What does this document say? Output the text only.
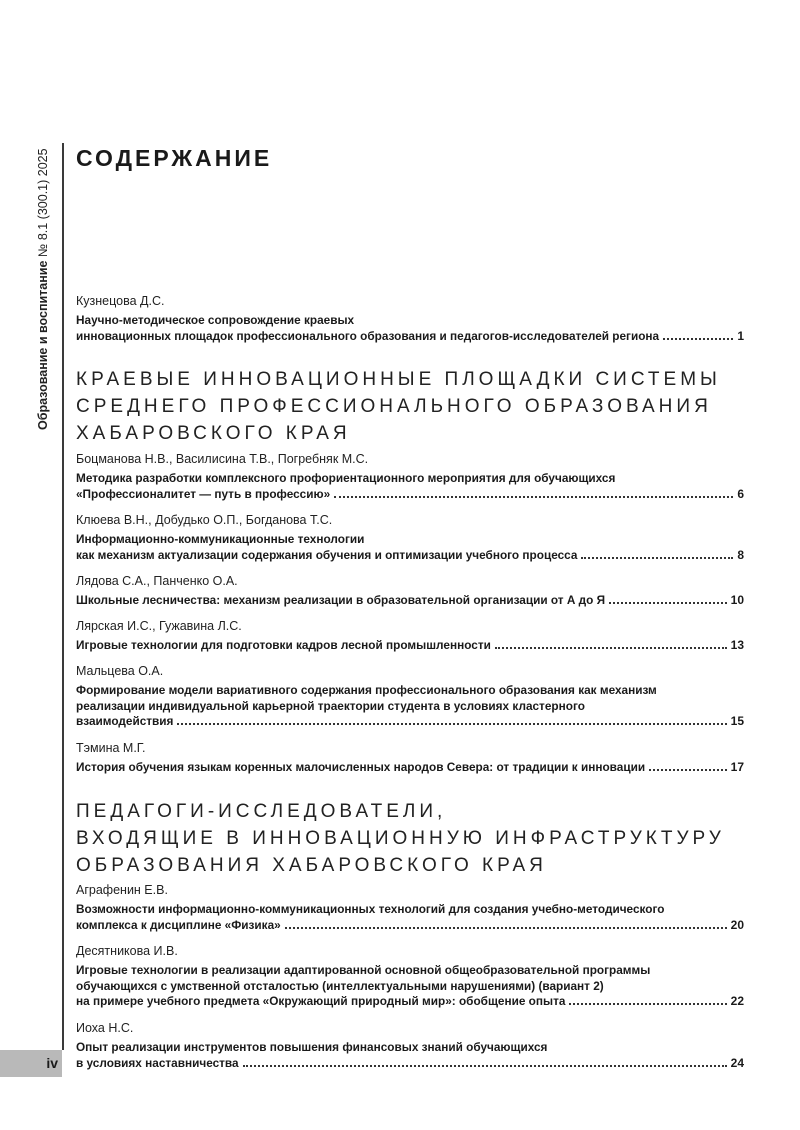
Образование и воспитание № 8.1 (300.1) 2025
iv
СОДЕРЖАНИЕ
Кузнецова Д.С.
Научно-методическое сопровождение краевых
инновационных площадок профессионального образования и педагогов-исследователей региона	1
КРАЕВЫЕ ИННОВАЦИОННЫЕ ПЛОЩАДКИ СИСТЕМЫ
СРЕДНЕГО ПРОФЕССИОНАЛЬНОГО ОБРАЗОВАНИЯ
ХАБАРОВСКОГО КРАЯ
Боцманова Н.В., Василисина Т.В., Погребняк М.С.
Методика разработки комплексного профориентационного мероприятия для обучающихся
«Профессионалитет — путь в профессию»	6
Клюева В.Н., Добудько О.П., Богданова Т.С.
Информационно-коммуникационные технологии
как механизм актуализации содержания обучения и оптимизации учебного процесса	8
Лядова С.А., Панченко О.А.
Школьные лесничества: механизм реализации в образовательной организации от А до Я	10
Лярская И.С., Гужавина Л.С.
Игровые технологии для подготовки кадров лесной промышленности	13
Мальцева О.А.
Формирование модели вариативного содержания профессионального образования как механизм
реализации индивидуальной карьерной траектории студента в условиях кластерного
взаимодействия	15
Тэмина М.Г.
История обучения языкам коренных малочисленных народов Севера: от традиции к инновации	17
ПЕДАГОГИ-ИССЛЕДОВАТЕЛИ,
ВХОДЯЩИЕ В ИННОВАЦИОННУЮ ИНФРАСТРУКТУРУ
ОБРАЗОВАНИЯ ХАБАРОВСКОГО КРАЯ
Аграфенин Е.В.
Возможности информационно-коммуникационных технологий для создания учебно-методического
комплекса к дисциплине «Физика»	20
Десятникова И.В.
Игровые технологии в реализации адаптированной основной общеобразовательной программы
обучающихся с умственной отсталостью (интеллектуальными нарушениями) (вариант 2)
на примере учебного предмета «Окружающий природный мир»: обобщение опыта	22
Иоха Н.С.
Опыт реализации инструментов повышения финансовых знаний обучающихся
в условиях наставничества	24
